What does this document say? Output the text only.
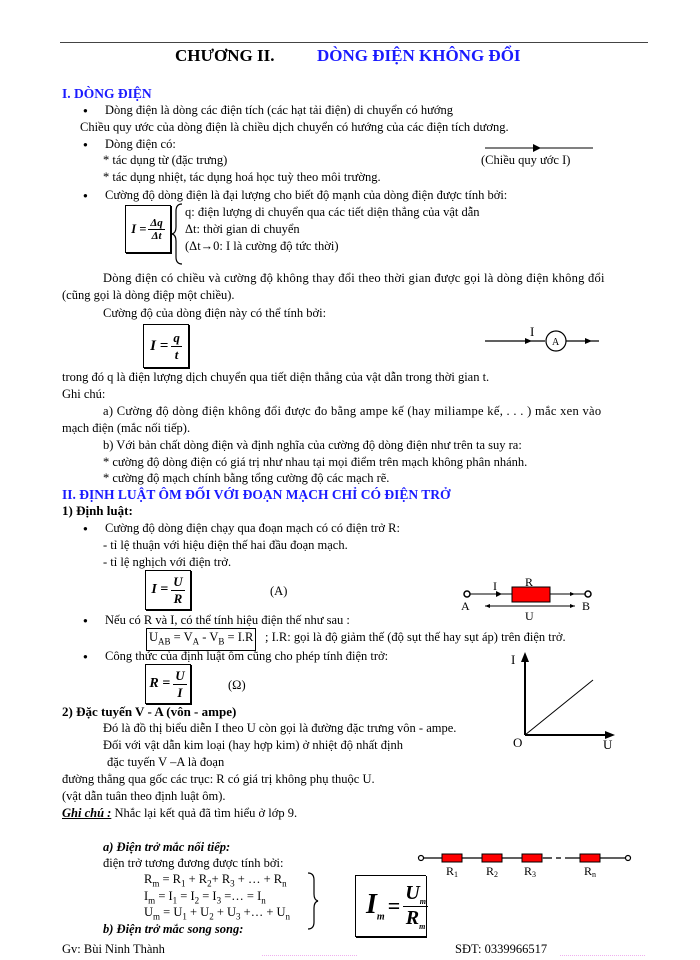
CHƯƠNG II.	DÒNG ĐIỆN KHÔNG ĐỔI
I. DÒNG ĐIỆN
● Dòng điện là dòng các điện tích (các hạt tải điện) di chuyển có hướng
Chiều quy ước của dòng điện là chiều dịch chuyển có hướng của các điện tích dương.
● Dòng điện có:
* tác dụng từ (đặc trưng)
* tác dụng nhiệt, tác dụng hoá học tuỳ theo môi trường.
(Chiều quy ước I)
● Cường độ dòng điện là đại lượng cho biết độ mạnh của dòng điện được tính bởi:
$I = \frac{\Delta q}{\Delta t}$
q: điện lượng di chuyển qua các tiết diện thẳng của vật dẫn
Δt: thời gian di chuyển
(Δt→0: I là cường độ tức thời)
Dòng điện có chiều và cường độ không thay đổi theo thời gian được gọi là dòng điện không đổi
(cũng gọi là dòng điệp một chiều).
Cường độ của dòng điện này có thể tính bởi:
$I = \frac{q}{t}$	I
A
trong đó q là điện lượng dịch chuyển qua tiết diện thẳng của vật dẫn trong thời gian t.
Ghi chú:
a) Cường độ dòng điện không đổi được đo bằng ampe kế (hay miliampe kế, . . . ) mắc xen vào
mạch điện (mắc nối tiếp).
b) Với bản chất dòng điện và định nghĩa của cường độ dòng điện như trên ta suy ra:
* cường độ dòng điện có giá trị như nhau tại mọi điểm trên mạch không phân nhánh.
* cường độ mạch chính bằng tổng cường độ các mạch rẽ.
II. ĐỊNH LUẬT ÔM ĐỐI VỚI ĐOẠN MẠCH CHỈ CÓ ĐIỆN TRỞ
1) Định luật:
● Cường độ dòng điện chạy qua đoạn mạch có có điện trở R:
- tỉ lệ thuận với hiệu điện thế hai đầu đoạn mạch.
- tỉ lệ nghịch với điện trở.
$I = \frac{U}{R}$	(A)	I R
A	B
U
● Nếu có R và I, có thể tính hiệu điện thế như sau :
$U_{AB} = V_A - V_B = I.R$ ; I.R: gọi là độ giảm thế (độ sụt thế hay sụt áp) trên điện trở.
● Công thức của định luật ôm cũng cho phép tính điện trở:
$R = \frac{U}{I}$	(Ω)
I
O	U
2) Đặc tuyến V - A (vôn - ampe)
Đó là đồ thị biểu diễn I theo U còn gọi là đường đặc trưng vôn - ampe.
Đối với vật dẫn kim loại (hay hợp kim) ở nhiệt độ nhất định
đặc tuyến V –A là đoạn
đường thẳng qua gốc các trục: R có giá trị không phụ thuộc U.
(vật dẫn tuân theo định luật ôm).
Ghi chú : Nhắc lại kết quả đã tìm hiểu ở lớp 9.
a) Điện trở mắc nối tiếp:
điện trở tương đương được tính bởi:
$R_m = R_1 + R_2+ R_3$ + … + $R_n$
$I_m = I_1 = I_2 = I_3$ =… = $I_n$
$U_m = U_1 + U_2 + U_3$ +… + $U_n$
b) Điện trở mắc song song:
$I_m = \frac{U_m}{R_m}$
R1 R2 R3	Rn
Gv: Bùi Ninh Thành	SĐT: 0339966517
